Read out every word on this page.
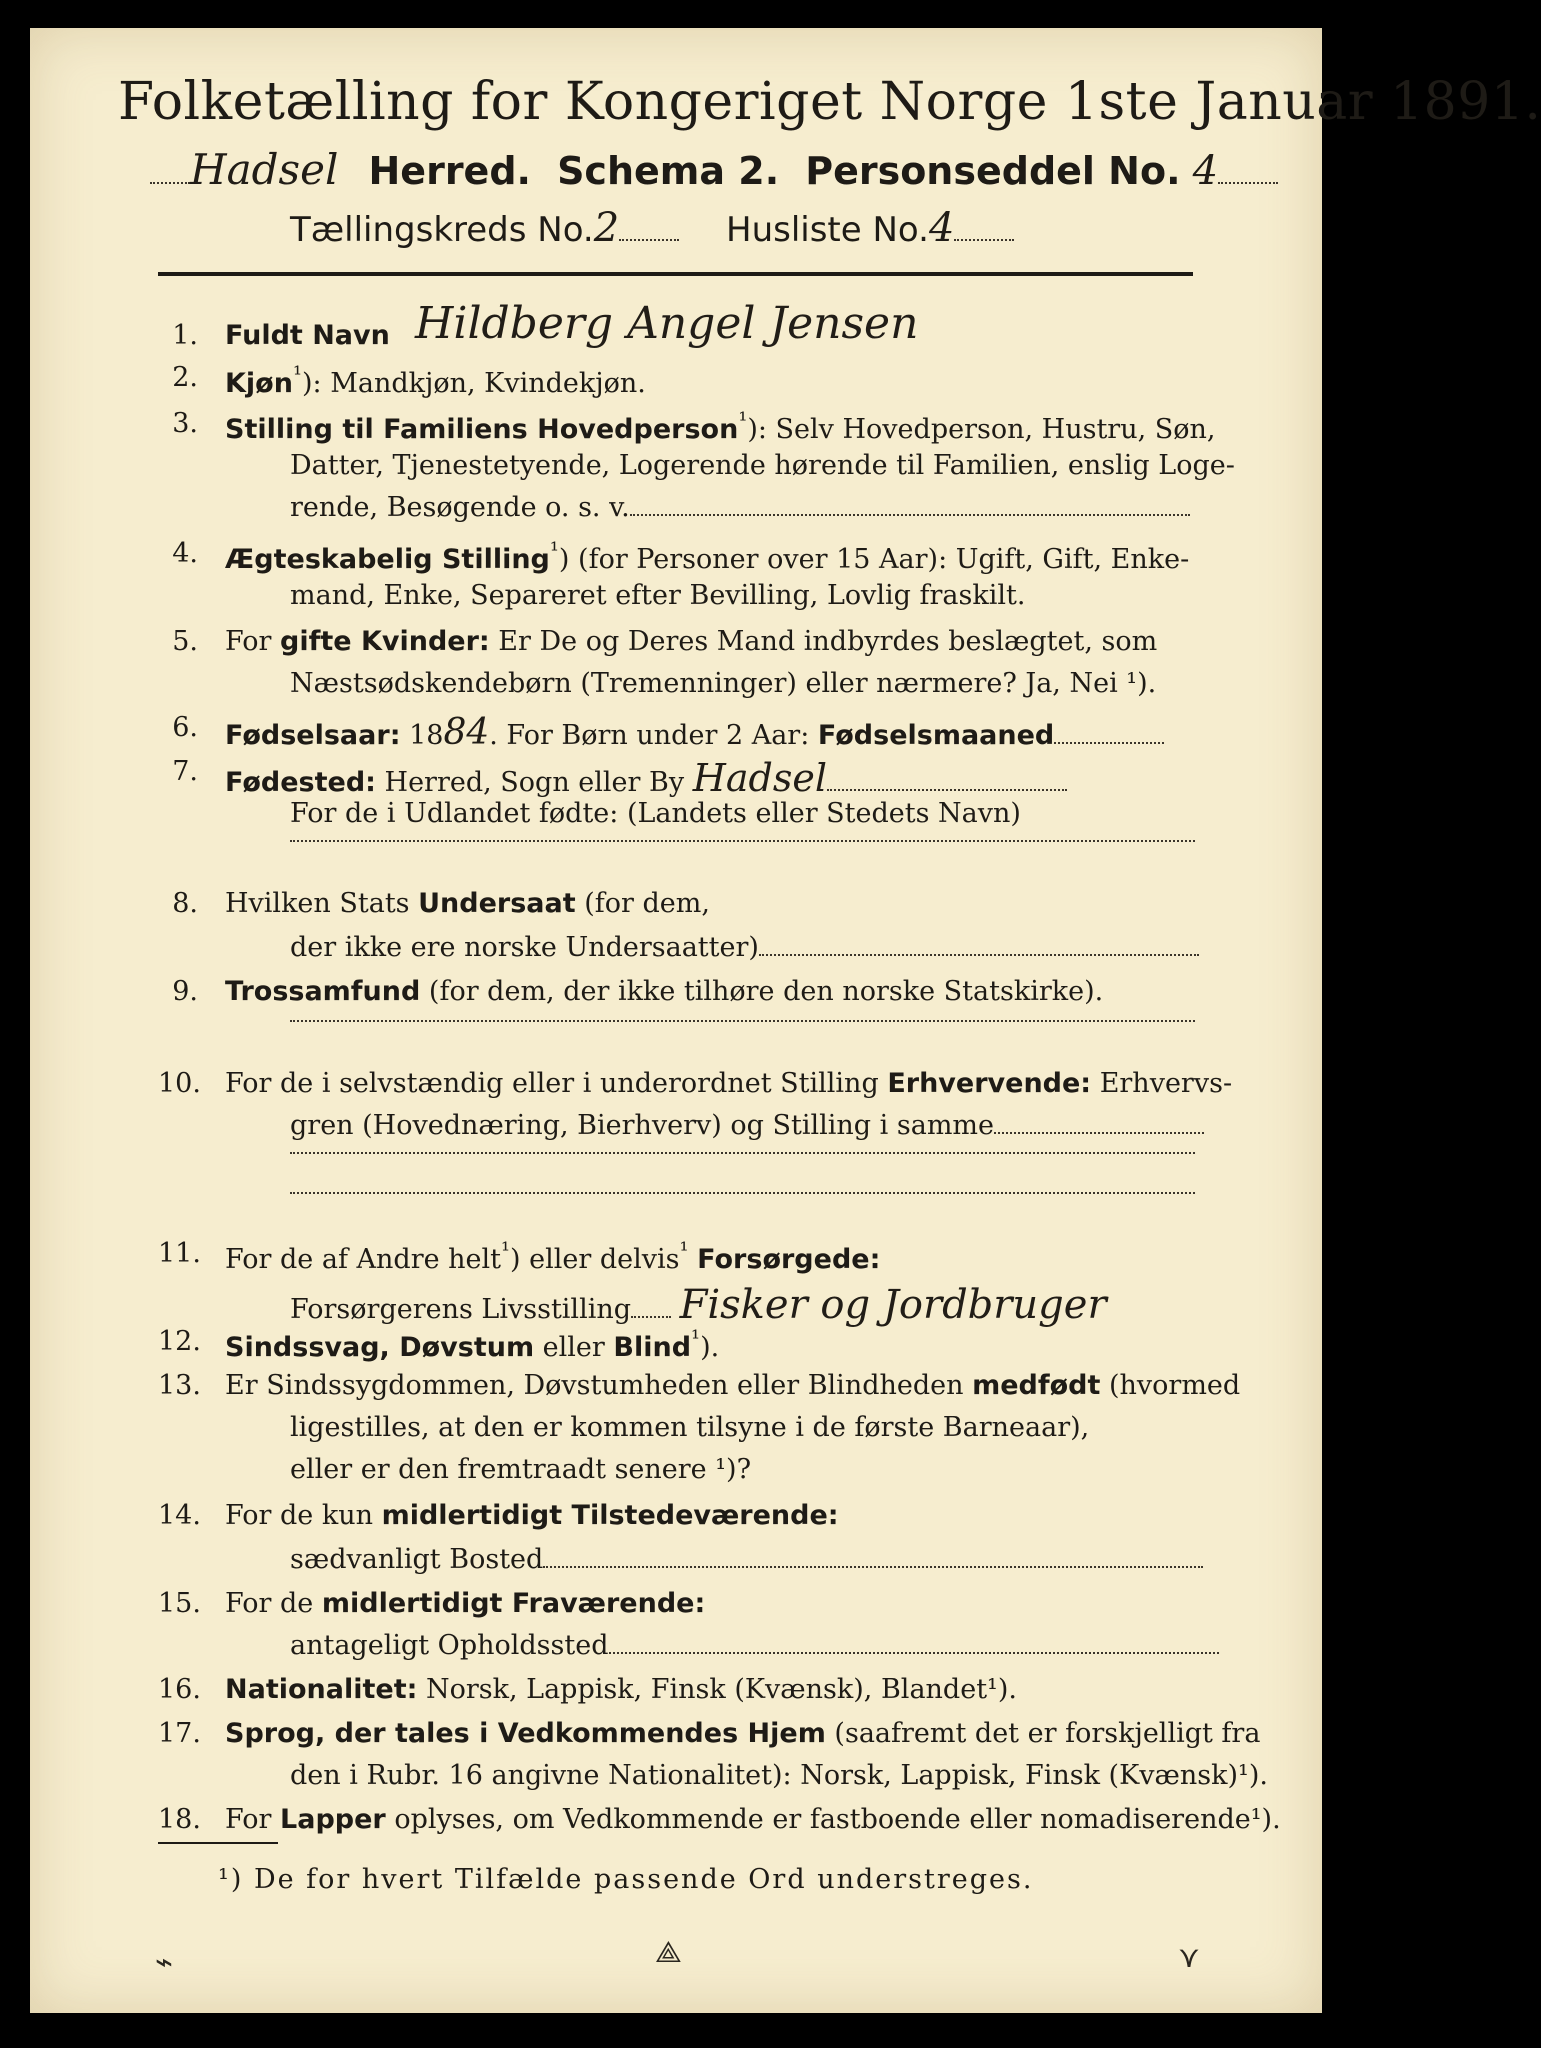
Folketælling for Kongeriget Norge 1ste Januar 1891.
Hadsel Herred. Schema 2. Personseddel No. 4
Tællingskreds No.2	Husliste No.4
1. Fuldt Navn Hildberg Angel Jensen
2. Kjøn$^{^1}$): Mandkjøn, Kvindekjøn.
3. Stilling til Familiens Hovedperson$^{^1}$): Selv Hovedperson, Hustru, Søn,
Datter, Tjenestetyende, Logerende hørende til Familien, enslig Loge-
rende, Besøgende o. s. v.
4. Ægteskabelig Stilling$^{^1}$) (for Personer over 15 Aar): Ugift, Gift, Enke-
mand, Enke, Separeret efter Bevilling, Lovlig fraskilt.
5. For gifte Kvinder: Er De og Deres Mand indbyrdes beslægtet, som
Næstsødskendebørn (Tremenninger) eller nærmere? Ja, Nei ¹).
6. Fødselsaar: 1884. For Børn under 2 Aar: Fødselsmaaned
7. Fødested: Herred, Sogn eller By Hadsel
For de i Udlandet fødte: (Landets eller Stedets Navn)
8. Hvilken Stats Undersaat (for dem,
der ikke ere norske Undersaatter)
9. Trossamfund (for dem, der ikke tilhøre den norske Statskirke).
10. For de i selvstændig eller i underordnet Stilling Erhvervende: Erhvervs-
gren (Hovednæring, Bierhverv) og Stilling i samme
11. For de af Andre helt$^{^1}$) eller delvis$^{^1}$ Forsørgede:
Forsørgerens Livsstilling Fisker og Jordbruger
12. Sindssvag, Døvstum eller Blind$^{^1}$).
13. Er Sindssygdommen, Døvstumheden eller Blindheden medfødt (hvormed
ligestilles, at den er kommen tilsyne i de første Barneaar),
eller er den fremtraadt senere ¹)?
14. For de kun midlertidigt Tilstedeværende:
sædvanligt Bosted
15. For de midlertidigt Fraværende:
antageligt Opholdssted
16. Nationalitet: Norsk, Lappisk, Finsk (Kvænsk), Blandet¹).
17. Sprog, der tales i Vedkommendes Hjem (saafremt det er forskjelligt fra
den i Rubr. 16 angivne Nationalitet): Norsk, Lappisk, Finsk (Kvænsk)¹).
18. For Lapper oplyses, om Vedkommende er fastboende eller nomadiserende¹).
¹) De for hvert Tilfælde passende Ord understreges.
⌁	⟁	⋎
